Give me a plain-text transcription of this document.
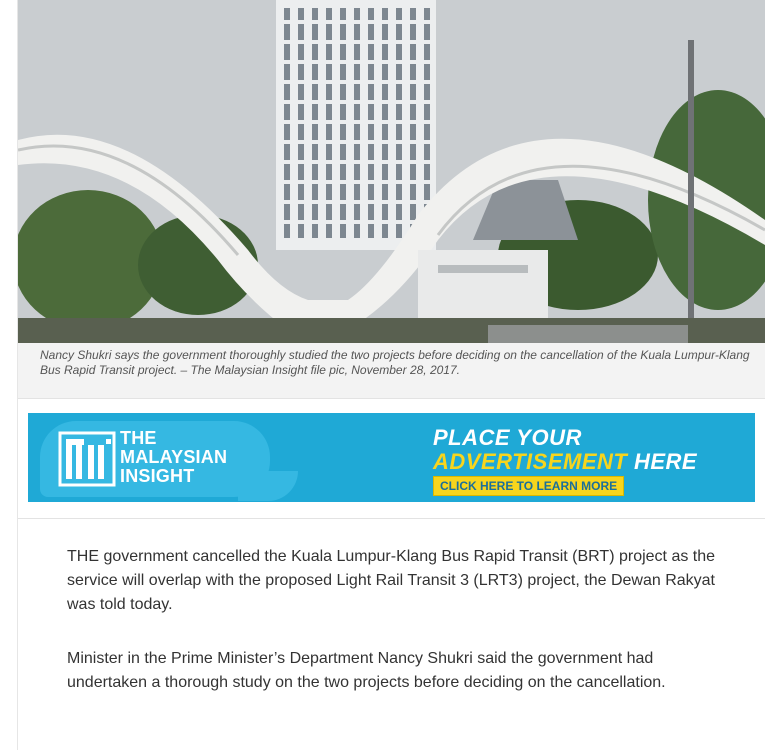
Nancy Shukri says the government thoroughly studied the two projects before deciding on the cancellation of the Kuala Lumpur-Klang Bus Rapid Transit project. – The Malaysian Insight file pic, November 28, 2017.
THE
MALAYSIAN
INSIGHT
PLACE YOUR
ADVERTISEMENT HERE
CLICK HERE TO LEARN MORE

THE government cancelled the Kuala Lumpur-Klang Bus Rapid Transit (BRT) project as the service will overlap with the proposed Light Rail Transit 3 (LRT3) project, the Dewan Rakyat was told today.

Minister in the Prime Minister’s Department Nancy Shukri said the government had undertaken a thorough study on the two projects before deciding on the cancellation.
